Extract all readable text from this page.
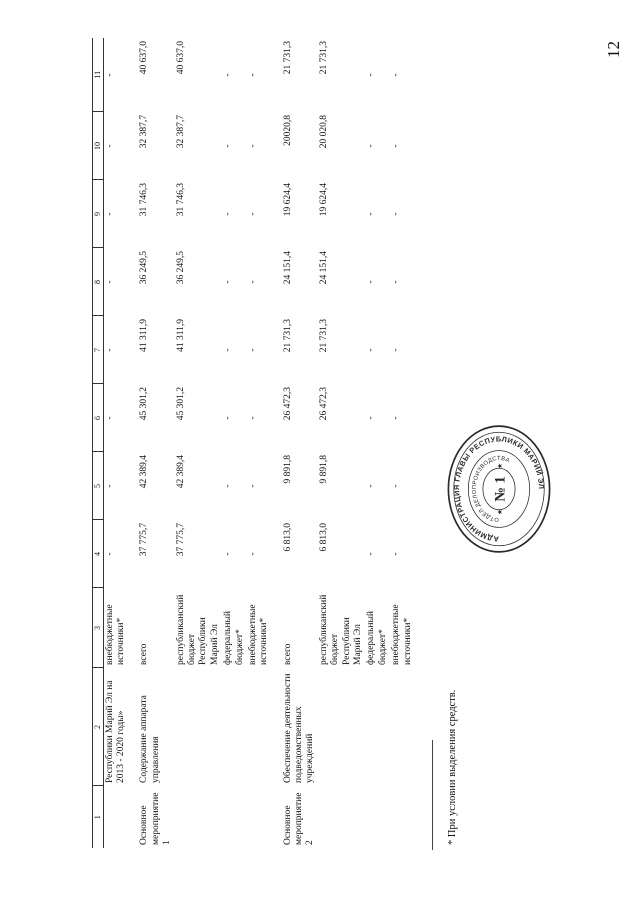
12
1	2	3	4	5	6	7	8	9	10	11
	Республики Марий Эл на 2013 - 2020 годы»	внебюджетные источники*	-	-	-	-	-	-	-	-

Основное мероприятие 1	Содержание аппарата управления	всего	37 775,7	42 389,4	45 301,2	41 311,9	36 249,5	31 746,3	32 387,7	40 637,0
		республиканский бюджет Республики Марий Эл	37 775,7	42 389,4	45 301,2	41 311,9	36 249,5	31 746,3	32 387,7	40 637,0
		федеральный бюджет*	-	-	-	-	-	-	-	-
		внебюджетные источники*	-	-	-	-	-	-	-	-

Основное мероприятие 2	Обеспечение деятельности подведомственных учреждений	всего	6 813,0	9 891,8	26 472,3	21 731,3	24 151,4	19 624,4	20020,8	21 731,3
		республиканский бюджет Республики Марий Эл	6 813,0	9 891,8	26 472,3	21 731,3	24 151,4	19 624,4	20 020,8	21 731,3
		федеральный бюджет*	-	-	-	-	-	-	-	-
		внебюджетные источники*	-	-	-	-	-	-	-	-
* При условии выделения средств.
АДМИНИСТРАЦИЯ ГЛАВЫ РЕСПУБЛИКИ МАРИЙ ЭЛ
ОТДЕЛ ДЕЛОПРОИЗВОДСТВА
№ 1
★
★
